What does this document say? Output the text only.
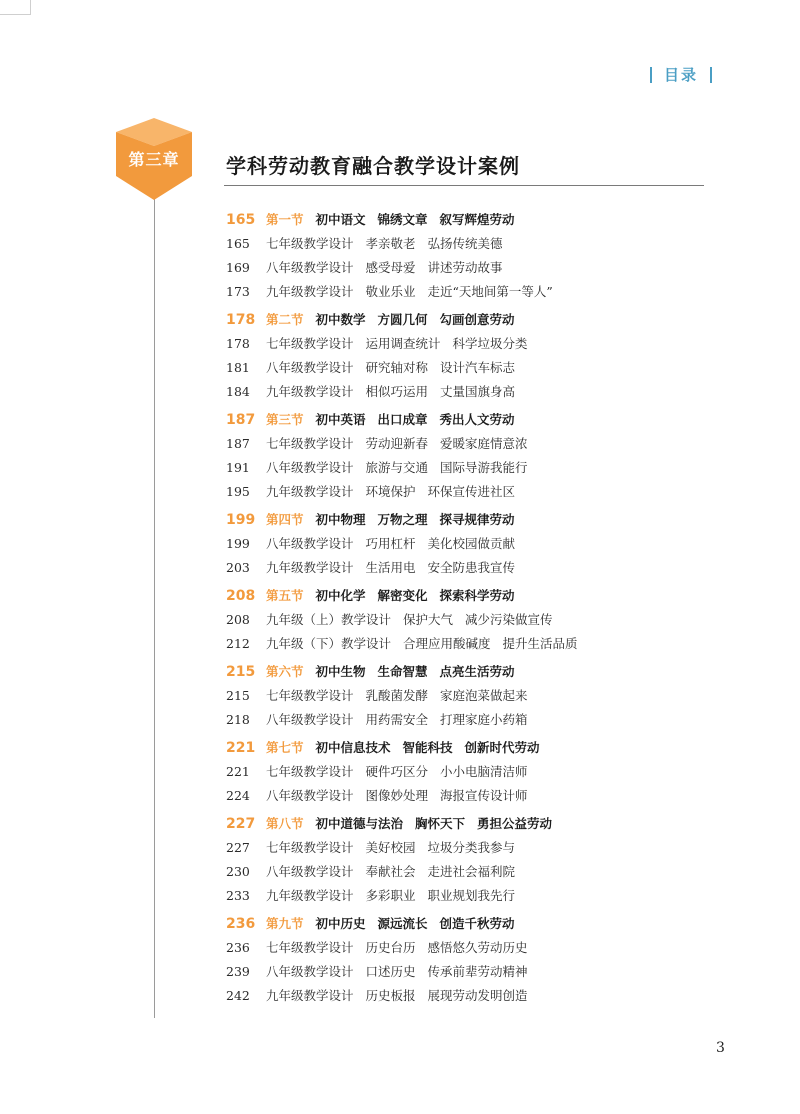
目录
第三章	学科劳动教育融合教学设计案例
165 第一节 初中语文 锦绣文章 叙写辉煌劳动
165 七年级教学设计 孝亲敬老 弘扬传统美德
169 八年级教学设计 感受母爱 讲述劳动故事
173 九年级教学设计 敬业乐业 走近“天地间第一等人”
178 第二节 初中数学 方圆几何 勾画创意劳动
178 七年级教学设计 运用调查统计 科学垃圾分类
181 八年级教学设计 研究轴对称 设计汽车标志
184 九年级教学设计 相似巧运用 丈量国旗身高
187 第三节 初中英语 出口成章 秀出人文劳动
187 七年级教学设计 劳动迎新春 爱暖家庭情意浓
191 八年级教学设计 旅游与交通 国际导游我能行
195 九年级教学设计 环境保护 环保宣传进社区
199 第四节 初中物理 万物之理 探寻规律劳动
199 八年级教学设计 巧用杠杆 美化校园做贡献
203 九年级教学设计 生活用电 安全防患我宣传
208 第五节 初中化学 解密变化 探索科学劳动
208 九年级（上）教学设计 保护大气 减少污染做宣传
212 九年级（下）教学设计 合理应用酸碱度 提升生活品质
215 第六节 初中生物 生命智慧 点亮生活劳动
215 七年级教学设计 乳酸菌发酵 家庭泡菜做起来
218 八年级教学设计 用药需安全 打理家庭小药箱
221 第七节 初中信息技术 智能科技 创新时代劳动
221 七年级教学设计 硬件巧区分 小小电脑清洁师
224 八年级教学设计 图像妙处理 海报宣传设计师
227 第八节 初中道德与法治 胸怀天下 勇担公益劳动
227 七年级教学设计 美好校园 垃圾分类我参与
230 八年级教学设计 奉献社会 走进社会福利院
233 九年级教学设计 多彩职业 职业规划我先行
236 第九节 初中历史 源远流长 创造千秋劳动
236 七年级教学设计 历史台历 感悟悠久劳动历史
239 八年级教学设计 口述历史 传承前辈劳动精神
242 九年级教学设计 历史板报 展现劳动发明创造
3
